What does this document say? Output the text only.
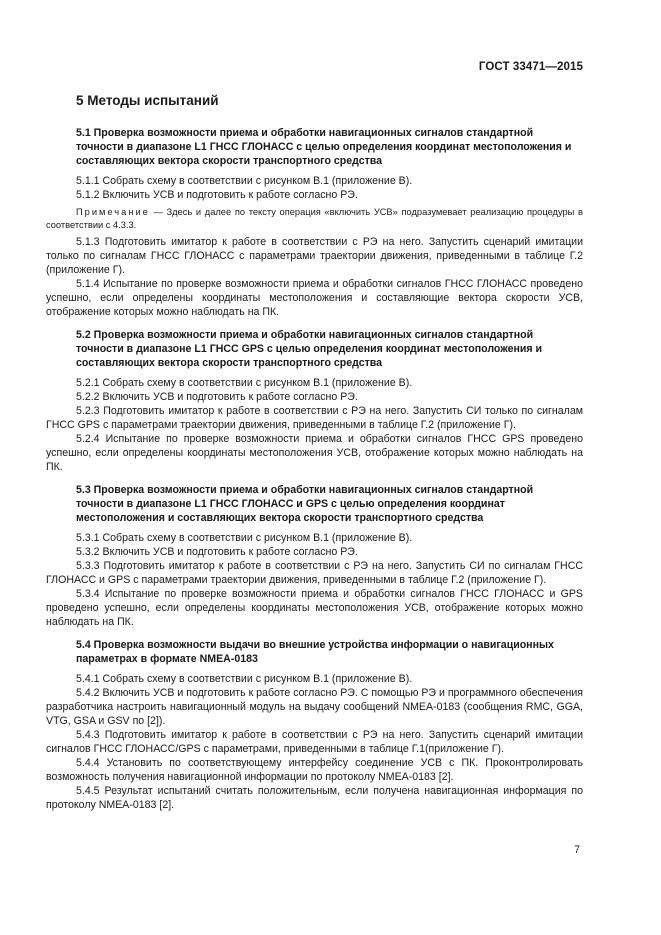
ГОСТ 33471—2015
5 Методы испытаний
5.1 Проверка возможности приема и обработки навигационных сигналов стандартной точности в диапазоне L1 ГНСС ГЛОНАСС с целью определения координат местоположения и составляющих вектора скорости транспортного средства

5.1.1 Собрать схему в соответствии с рисунком В.1 (приложение В).

5.1.2 Включить УСВ и подготовить к работе согласно РЭ.

Примечание — Здесь и далее по тексту операция «включить УСВ» подразумевает реализацию процедуры в соответствии с 4.3.3.

5.1.3 Подготовить имитатор к работе в соответствии с РЭ на него. Запустить сценарий имитации только по сигналам ГНСС ГЛОНАСС с параметрами траектории движения, приведенными в таблице Г.2 (приложение Г).

5.1.4 Испытание по проверке возможности приема и обработки сигналов ГНСС ГЛОНАСС проведено успешно, если определены координаты местоположения и составляющие вектора скорости УСВ, отображение которых можно наблюдать на ПК.

5.2 Проверка возможности приема и обработки навигационных сигналов стандартной точности в диапазоне L1 ГНСС GPS с целью определения координат местоположения и составляющих вектора скорости транспортного средства

5.2.1 Собрать схему в соответствии с рисунком В.1 (приложение В).

5.2.2 Включить УСВ и подготовить к работе согласно РЭ.

5.2.3 Подготовить имитатор к работе в соответствии с РЭ на него. Запустить СИ только по сигналам ГНСС GPS с параметрами траектории движения, приведенными в таблице Г.2 (приложение Г).

5.2.4 Испытание по проверке возможности приема и обработки сигналов ГНСС GPS проведено успешно, если определены координаты местоположения УСВ, отображение которых можно наблюдать на ПК.

5.3 Проверка возможности приема и обработки навигационных сигналов стандартной точности в диапазоне L1 ГНСС ГЛОНАСС и GPS с целью определения координат местоположения и составляющих вектора скорости транспортного средства

5.3.1 Собрать схему в соответствии с рисунком В.1 (приложение В).

5.3.2 Включить УСВ и подготовить к работе согласно РЭ.

5.3.3 Подготовить имитатор к работе в соответствии с РЭ на него. Запустить СИ по сигналам ГНСС ГЛОНАСС и GPS с параметрами траектории движения, приведенными в таблице Г.2 (приложение Г).

5.3.4 Испытание по проверке возможности приема и обработки сигналов ГНСС ГЛОНАСС и GPS проведено успешно, если определены координаты местоположения УСВ, отображение которых можно наблюдать на ПК.

5.4 Проверка возможности выдачи во внешние устройства информации о навигационных параметрах в формате NMEA-0183

5.4.1 Собрать схему в соответствии с рисунком В.1 (приложение В).

5.4.2 Включить УСВ и подготовить к работе согласно РЭ. С помощью РЭ и программного обеспечения разработчика настроить навигационный модуль на выдачу сообщений NMEA-0183 (сообщения RMC, GGA, VTG, GSA и GSV по [2]).

5.4.3 Подготовить имитатор к работе в соответствии с РЭ на него. Запустить сценарий имитации сигналов ГНСС ГЛОНАСС/GPS с параметрами, приведенными в таблице Г.1(приложение Г).

5.4.4 Установить по соответствующему интерфейсу соединение УСВ с ПК. Проконтролировать возможность получения навигационной информации по протоколу NMEA-0183 [2].

5.4.5 Результат испытаний считать положительным, если получена навигационная информация по протоколу NMEA-0183 [2].

7
